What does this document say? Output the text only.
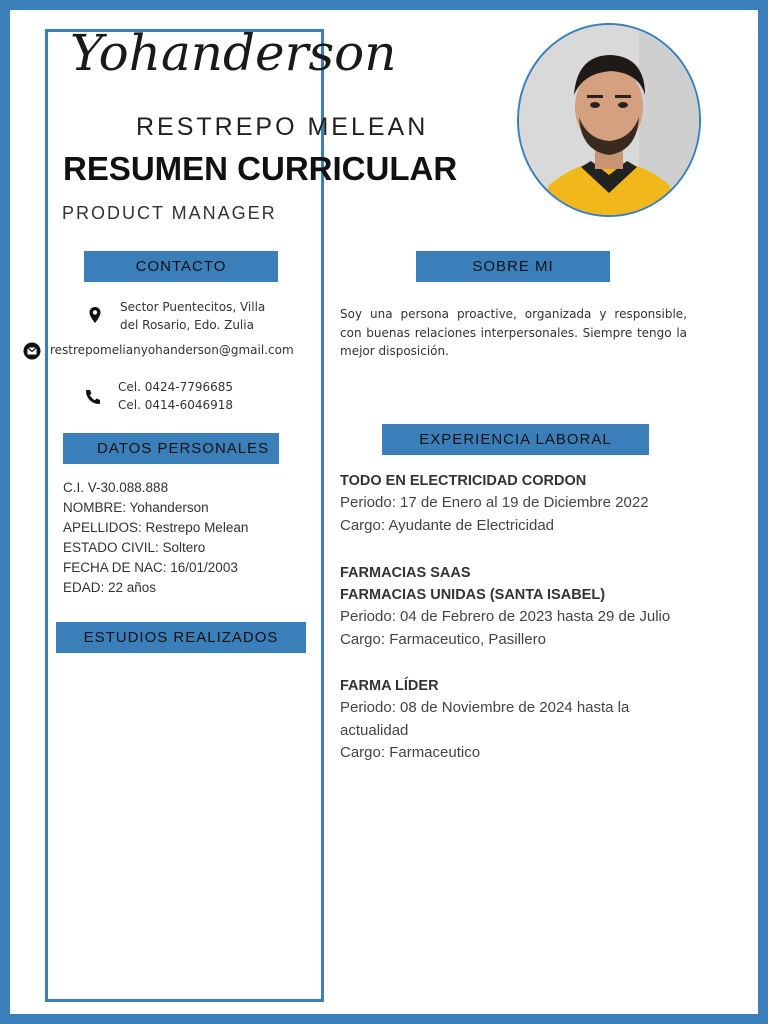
Yohanderson
RESTREPO MELEAN
RESUMEN CURRICULAR
PRODUCT MANAGER
CONTACTO	SOBRE MI
DATOS PERSONALES
EXPERIENCIA LABORAL
ESTUDIOS REALIZADOS
Sector Puentecitos, Villa
del Rosario, Edo. Zulia
restrepomelianyohanderson@gmail.com
Cel. 0424-7796685
Cel. 0414-6046918
C.I. V-30.088.888
NOMBRE: Yohanderson
APELLIDOS: Restrepo Melean
ESTADO CIVIL: Soltero
FECHA DE NAC: 16/01/2003
EDAD: 22 años
Soy una persona proactive, organizada y responsible, con buenas relaciones interpersonales. Siempre tengo la mejor disposición.
TODO EN ELECTRICIDAD CORDON
Periodo: 17 de Enero al 19 de Diciembre 2022
Cargo: Ayudante de Electricidad
FARMACIAS SAAS
FARMACIAS UNIDAS (SANTA ISABEL)
Periodo: 04 de Febrero de 2023 hasta 29 de Julio
Cargo: Farmaceutico, Pasillero
FARMA LÍDER
Periodo: 08 de Noviembre de 2024 hasta la actualidad
Cargo: Farmaceutico
